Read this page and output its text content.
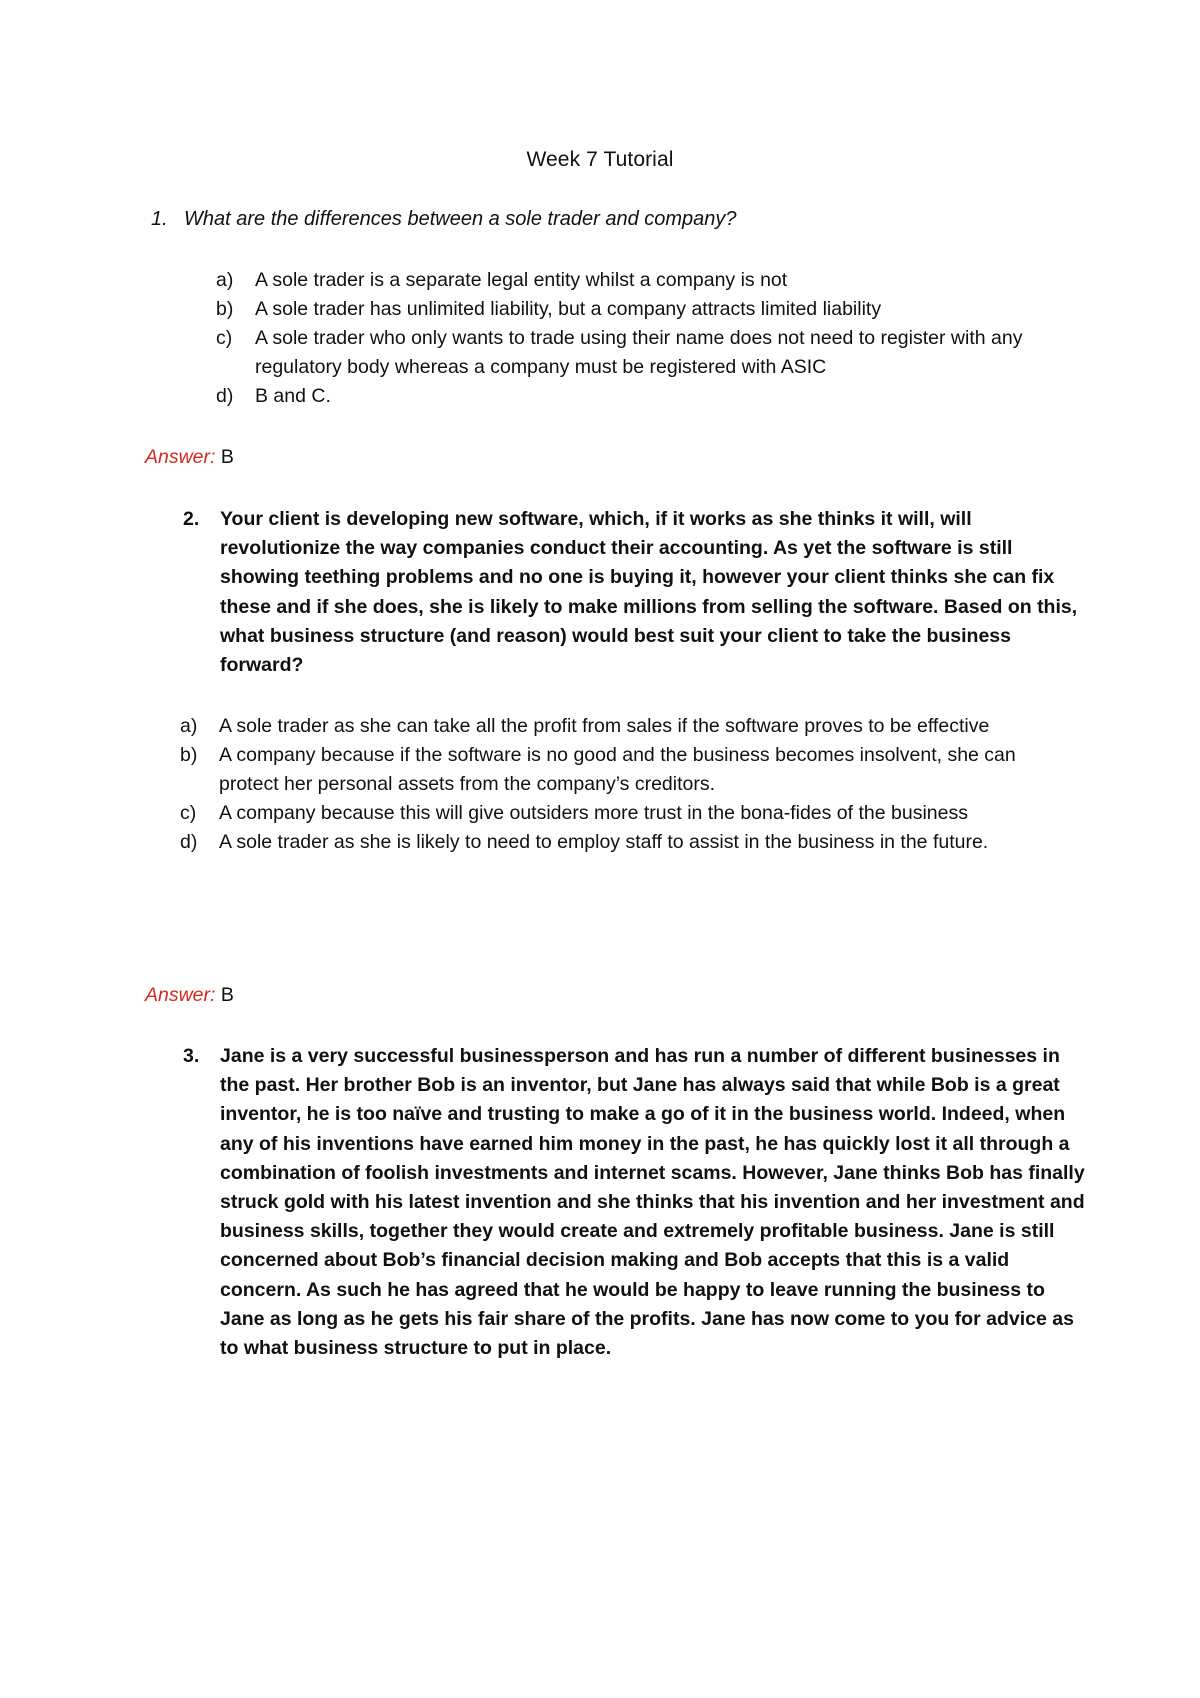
Week 7 Tutorial
1. What are the differences between a sole trader and company?
a) A sole trader is a separate legal entity whilst a company is not
b) A sole trader has unlimited liability, but a company attracts limited liability
c) A sole trader who only wants to trade using their name does not need to register with any regulatory body whereas a company must be registered with ASIC
d) B and C.
Answer: B
2. Your client is developing new software, which, if it works as she thinks it will, will revolutionize the way companies conduct their accounting. As yet the software is still showing teething problems and no one is buying it, however your client thinks she can fix these and if she does, she is likely to make millions from selling the software. Based on this, what business structure (and reason) would best suit your client to take the business forward?
a) A sole trader as she can take all the profit from sales if the software proves to be effective
b) A company because if the software is no good and the business becomes insolvent, she can protect her personal assets from the company’s creditors.
c) A company because this will give outsiders more trust in the bona-fides of the business
d) A sole trader as she is likely to need to employ staff to assist in the business in the future.
Answer: B
3. Jane is a very successful businessperson and has run a number of different businesses in the past. Her brother Bob is an inventor, but Jane has always said that while Bob is a great inventor, he is too naïve and trusting to make a go of it in the business world. Indeed, when any of his inventions have earned him money in the past, he has quickly lost it all through a combination of foolish investments and internet scams. However, Jane thinks Bob has finally struck gold with his latest invention and she thinks that his invention and her investment and business skills, together they would create and extremely profitable business. Jane is still concerned about Bob’s financial decision making and Bob accepts that this is a valid concern. As such he has agreed that he would be happy to leave running the business to Jane as long as he gets his fair share of the profits. Jane has now come to you for advice as to what business structure to put in place.
